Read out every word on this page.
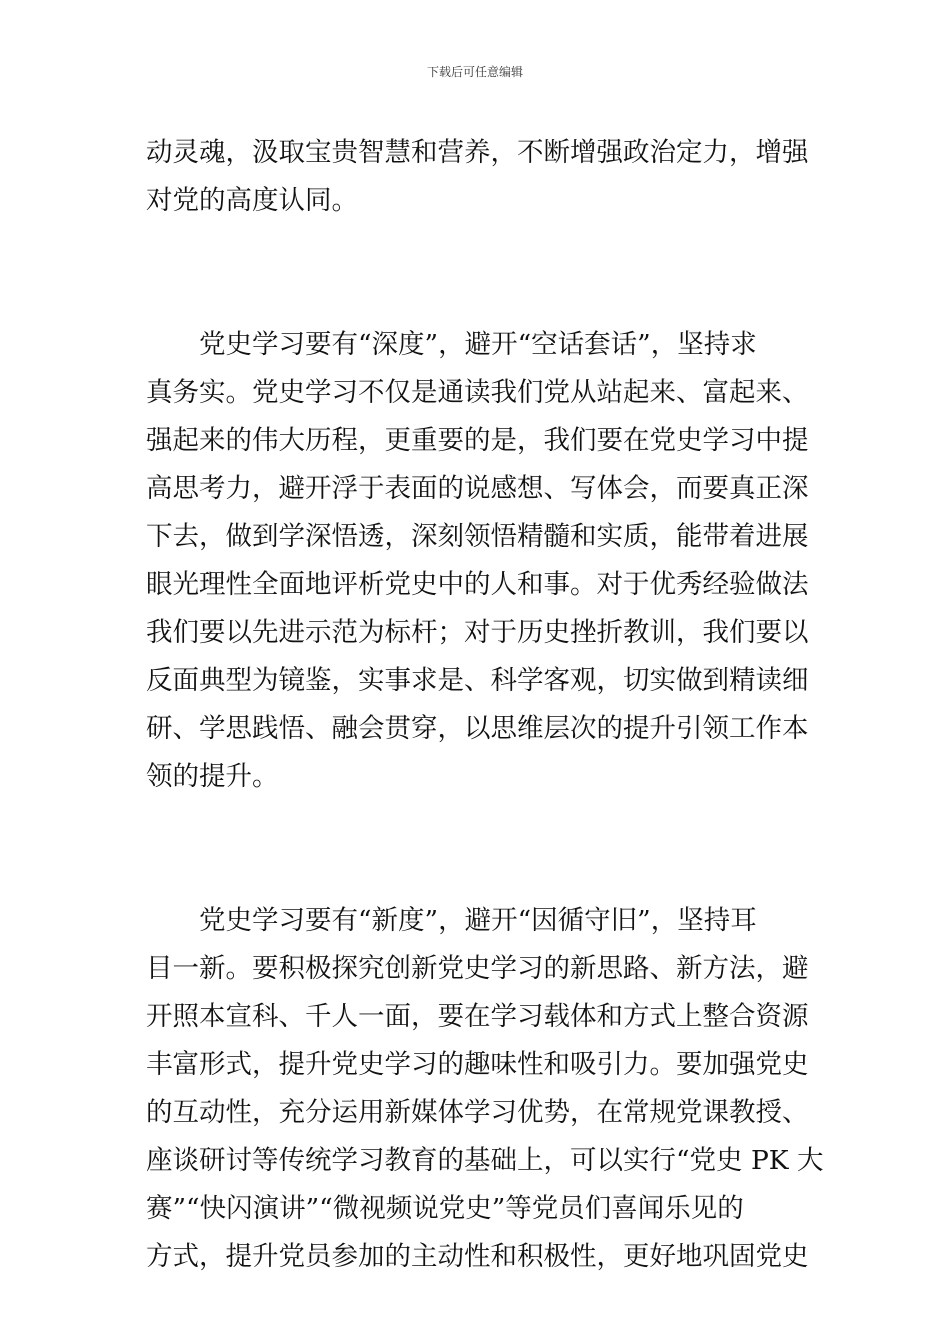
下载后可任意编辑
动灵魂，汲取宝贵智慧和营养，不断增强政治定力，增强
对党的高度认同。
党史学习要有“深度”，避开“空话套话”，坚持求
真务实。党史学习不仅是通读我们党从站起来、富起来、
强起来的伟大历程，更重要的是，我们要在党史学习中提
高思考力，避开浮于表面的说感想、写体会，而要真正深
下去，做到学深悟透，深刻领悟精髓和实质，能带着进展
眼光理性全面地评析党史中的人和事。对于优秀经验做法
我们要以先进示范为标杆；对于历史挫折教训，我们要以
反面典型为镜鉴，实事求是、科学客观，切实做到精读细
研、学思践悟、融会贯穿，以思维层次的提升引领工作本
领的提升。
党史学习要有“新度”，避开“因循守旧”，坚持耳
目一新。要积极探究创新党史学习的新思路、新方法，避
开照本宣科、千人一面，要在学习载体和方式上整合资源
丰富形式，提升党史学习的趣味性和吸引力。要加强党史
的互动性，充分运用新媒体学习优势，在常规党课教授、
座谈研讨等传统学习教育的基础上，可以实行“党史 PK 大
赛”“快闪演讲”“微视频说党史”等党员们喜闻乐见的
方式，提升党员参加的主动性和积极性，更好地巩固党史
